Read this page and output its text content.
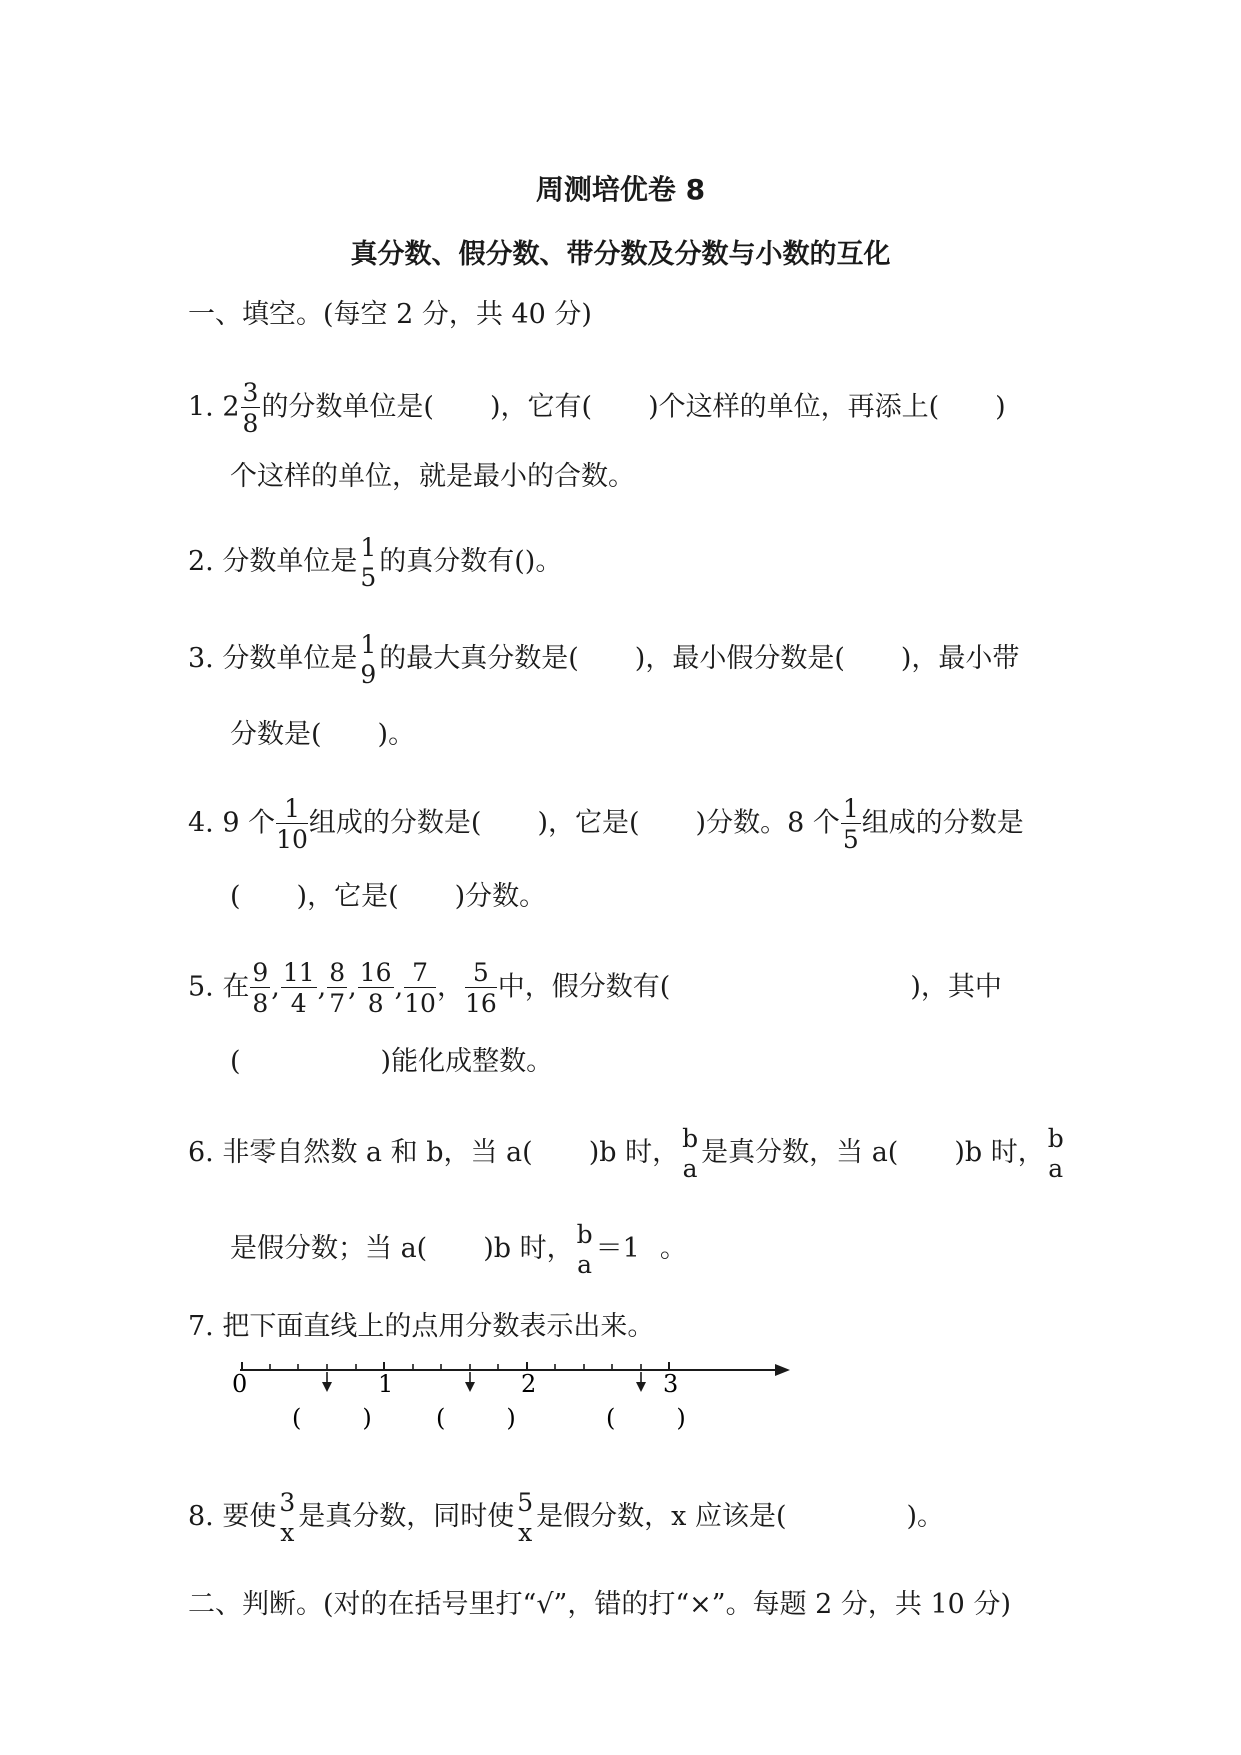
周测培优卷 8
真分数、假分数、带分数及分数与小数的互化
一、填空。(每空 2 分，共 40 分)
1. $2 \frac{3}{8}$ 的分数单位是( )，它有( )个这样的单位，再添上( )
个这样的单位，就是最小的合数。
2. 分数单位是 1
5
的真分数有()。
3. 分数单位是 1
9
的最大真分数是( )，最小假分数是( )，最小带
分数是( )。
4. 9 个 $\frac{1}{10}$ 组成的分数是( )，它是( )分数。8 个 $\frac{1}{5}$ 组成的分数是
( )，它是( )分数。
5. 在 $\frac{9}{8}$ , $\frac{11}{4}$ , $\frac{8}{7}$ , $\frac{16}{8}$ , $\frac{7}{10}$ ， $\frac{5}{16}$ 中，假分数有(	)，其中
(	)能化成整数。
6. 非零自然数 a 和 b，当 a( )b 时， b
a
是真分数，当 a( )b 时， b
a
是假分数；当 a( )b 时， b
a
＝1 。
7. 把下面直线上的点用分数表示出来。
0	1	2	3
(        )	(        )	(        )
8. 要使 3
x
是真分数，同时使 5
x
是假分数，x 应该是(	)。
二、判断。(对的在括号里打“√”，错的打“×”。每题 2 分，共 10 分)
